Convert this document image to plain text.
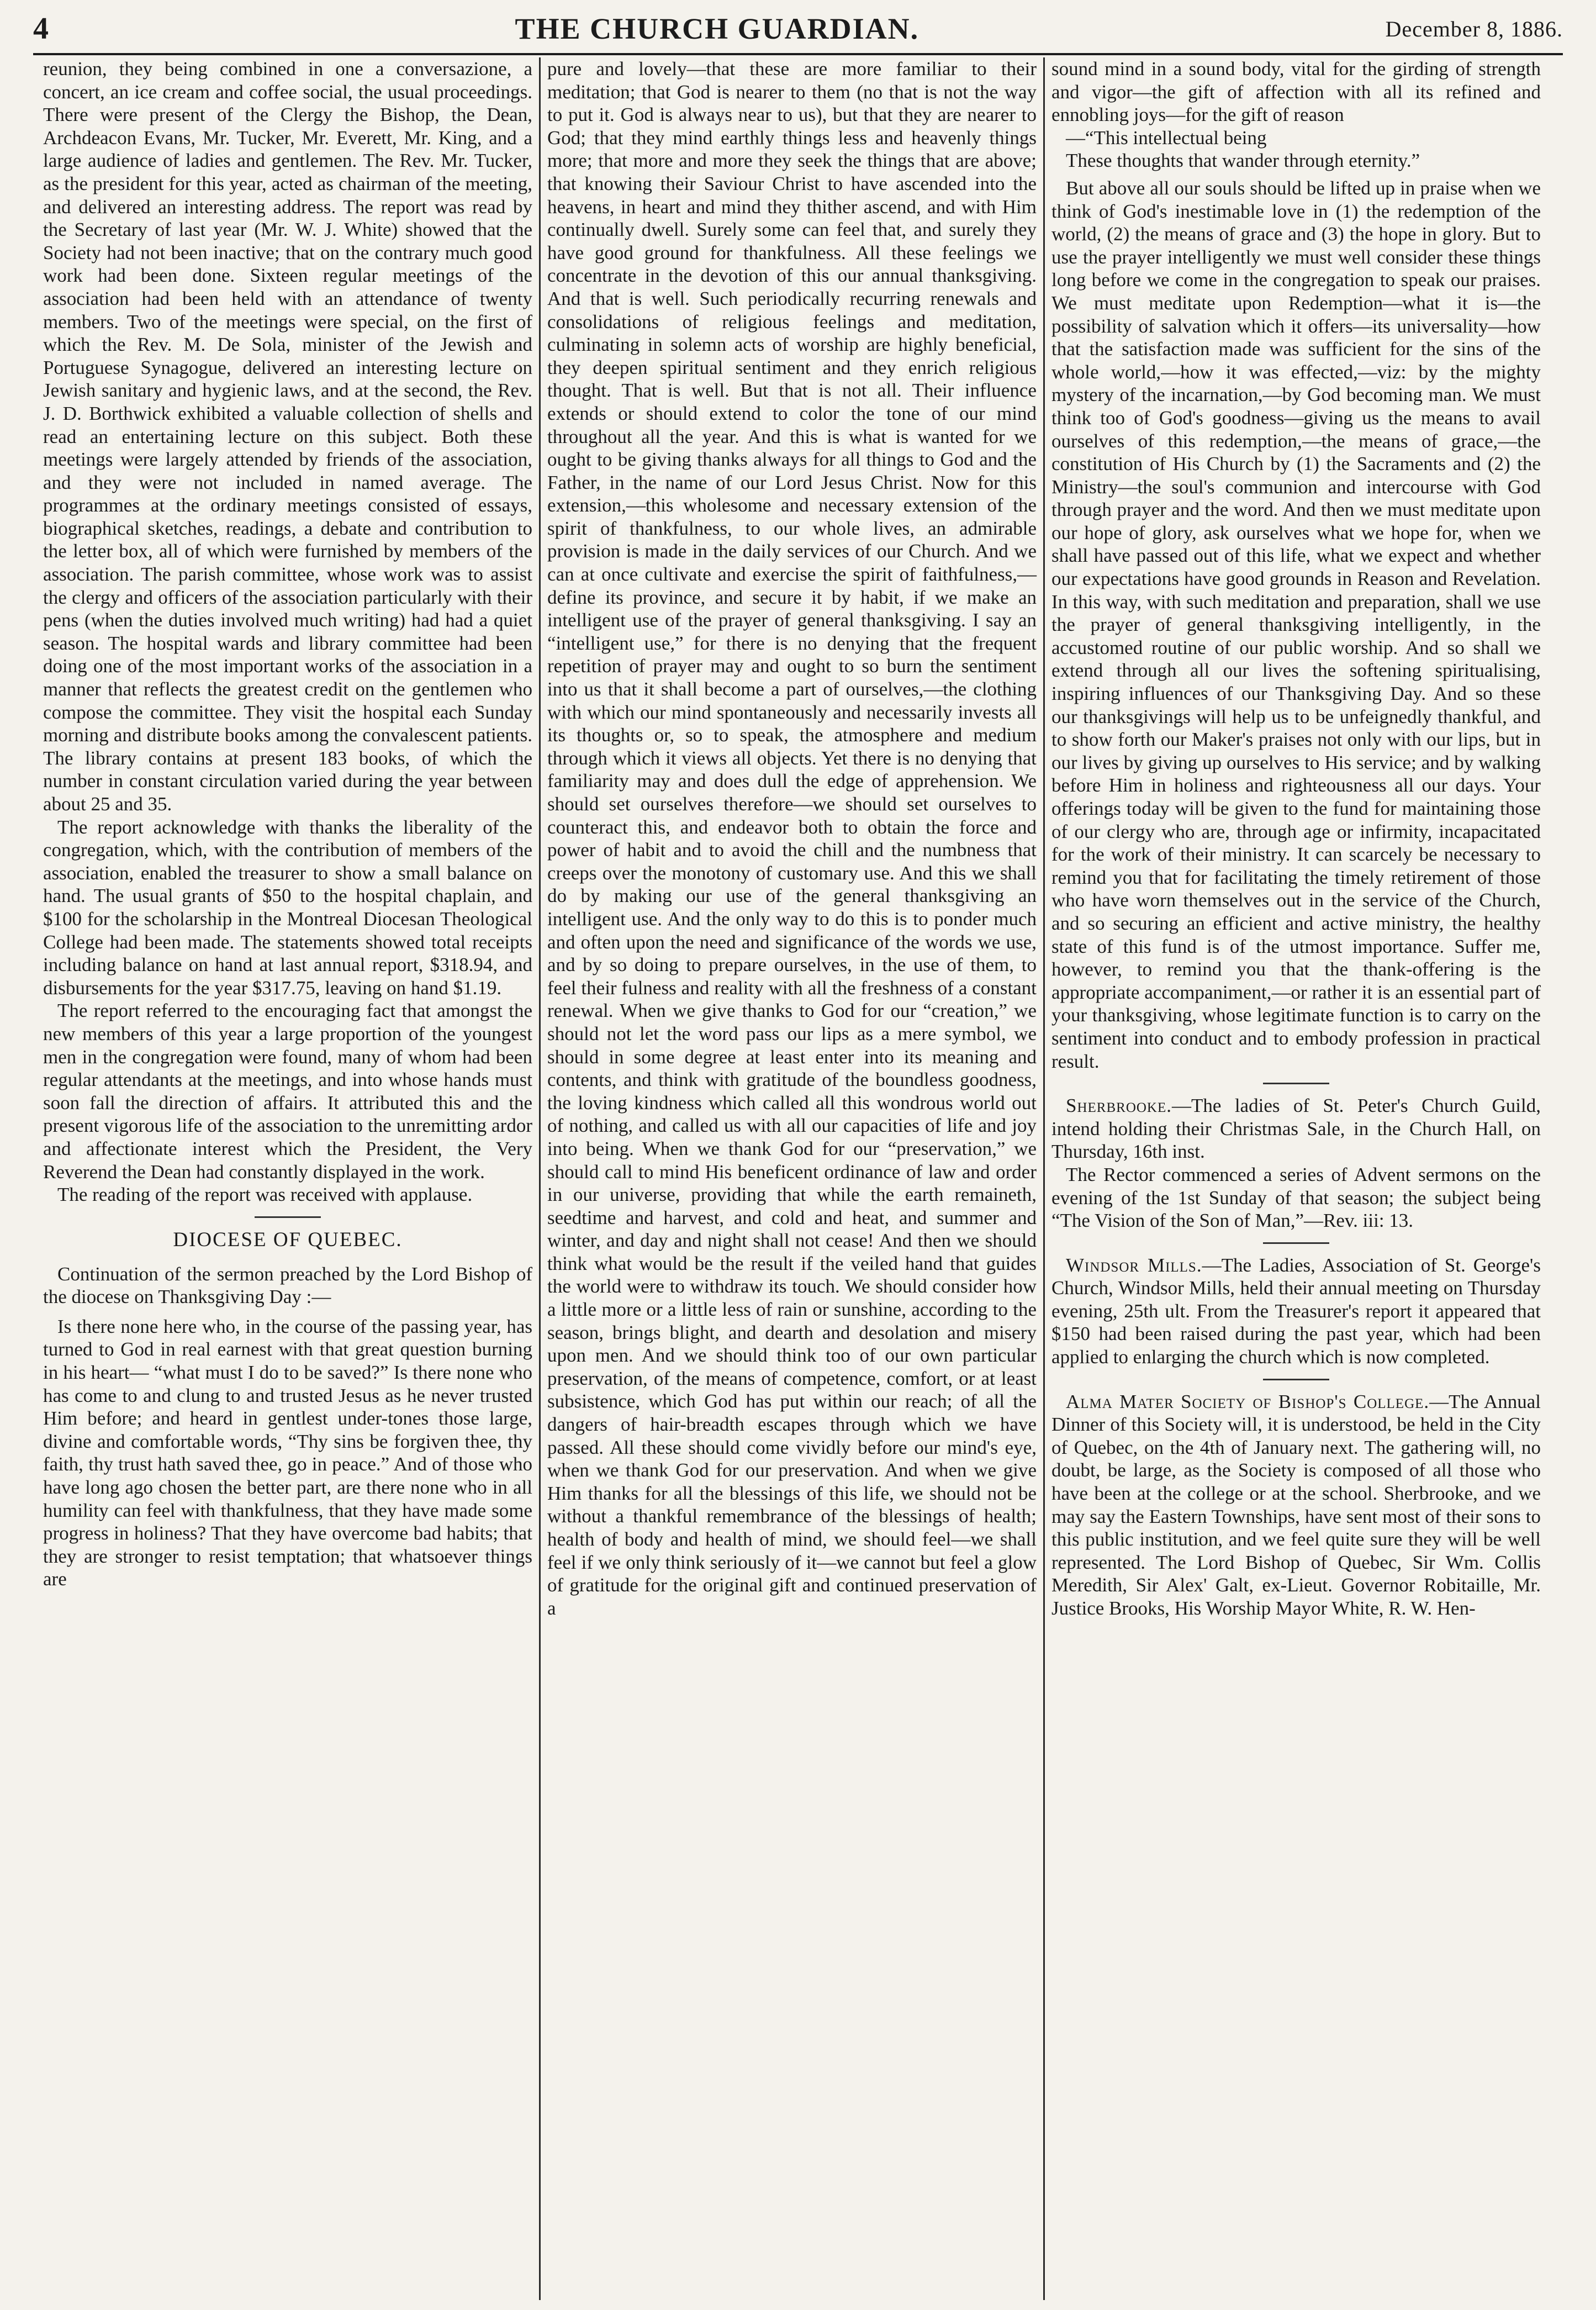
4	THE CHURCH GUARDIAN.	December 8, 1886.

reunion, they being combined in one a conversazione, a concert, an ice cream and coffee social, the usual proceedings. There were present of the Clergy the Bishop, the Dean, Archdeacon Evans, Mr. Tucker, Mr. Everett, Mr. King, and a large audience of ladies and gentlemen. The Rev. Mr. Tucker, as the president for this year, acted as chairman of the meeting, and delivered an interesting address. The report was read by the Secretary of last year (Mr. W. J. White) showed that the Society had not been inactive; that on the contrary much good work had been done. Sixteen regular meetings of the association had been held with an attendance of twenty members. Two of the meetings were special, on the first of which the Rev. M. De Sola, minister of the Jewish and Portuguese Synagogue, delivered an interesting lecture on Jewish sanitary and hygienic laws, and at the second, the Rev. J. D. Borthwick exhibited a valuable collection of shells and read an entertaining lecture on this subject. Both these meetings were largely attended by friends of the association, and they were not included in named average. The programmes at the ordinary meetings consisted of essays, biographical sketches, readings, a debate and contribution to the letter box, all of which were furnished by members of the association. The parish committee, whose work was to assist the clergy and officers of the association particularly with their pens (when the duties involved much writing) had had a quiet season. The hospital wards and library committee had been doing one of the most important works of the association in a manner that reflects the greatest credit on the gentlemen who compose the committee. They visit the hospital each Sunday morning and distribute books among the convalescent patients. The library contains at present 183 books, of which the number in constant circulation varied during the year between about 25 and 35.

The report acknowledge with thanks the liberality of the congregation, which, with the contribution of members of the association, enabled the treasurer to show a small balance on hand. The usual grants of $50 to the hospital chaplain, and $100 for the scholarship in the Montreal Diocesan Theological College had been made. The statements showed total receipts including balance on hand at last annual report, $318.94, and disbursements for the year $317.75, leaving on hand $1.19.

The report referred to the encouraging fact that amongst the new members of this year a large proportion of the youngest men in the congregation were found, many of whom had been regular attendants at the meetings, and into whose hands must soon fall the direction of affairs. It attributed this and the present vigorous life of the association to the unremitting ardor and affectionate interest which the President, the Very Reverend the Dean had constantly displayed in the work.

The reading of the report was received with applause.

DIOCESE OF QUEBEC.

Continuation of the sermon preached by the Lord Bishop of the diocese on Thanksgiving Day :—

Is there none here who, in the course of the passing year, has turned to God in real earnest with that great question burning in his heart— “what must I do to be saved?” Is there none who has come to and clung to and trusted Jesus as he never trusted Him before; and heard in gentlest under-tones those large, divine and comfortable words, “Thy sins be forgiven thee, thy faith, thy trust hath saved thee, go in peace.” And of those who have long ago chosen the better part, are there none who in all humility can feel with thankfulness, that they have made some progress in holiness? That they have overcome bad habits; that they are stronger to resist temptation; that whatsoever things are

pure and lovely—that these are more familiar to their meditation; that God is nearer to them (no that is not the way to put it. God is always near to us), but that they are nearer to God; that they mind earthly things less and heavenly things more; that more and more they seek the things that are above; that knowing their Saviour Christ to have ascended into the heavens, in heart and mind they thither ascend, and with Him continually dwell. Surely some can feel that, and surely they have good ground for thankfulness. All these feelings we concentrate in the devotion of this our annual thanksgiving. And that is well. Such periodically recurring renewals and consolidations of religious feelings and meditation, culminating in solemn acts of worship are highly beneficial, they deepen spiritual sentiment and they enrich religious thought. That is well. But that is not all. Their influence extends or should extend to color the tone of our mind throughout all the year. And this is what is wanted for we ought to be giving thanks always for all things to God and the Father, in the name of our Lord Jesus Christ. Now for this extension,—this wholesome and necessary extension of the spirit of thankfulness, to our whole lives, an admirable provision is made in the daily services of our Church. And we can at once cultivate and exercise the spirit of faithfulness,—define its province, and secure it by habit, if we make an intelligent use of the prayer of general thanksgiving. I say an “intelligent use,” for there is no denying that the frequent repetition of prayer may and ought to so burn the sentiment into us that it shall become a part of ourselves,—the clothing with which our mind spontaneously and necessarily invests all its thoughts or, so to speak, the atmosphere and medium through which it views all objects. Yet there is no denying that familiarity may and does dull the edge of apprehension. We should set ourselves therefore—we should set ourselves to counteract this, and endeavor both to obtain the force and power of habit and to avoid the chill and the numbness that creeps over the monotony of customary use. And this we shall do by making our use of the general thanksgiving an intelligent use. And the only way to do this is to ponder much and often upon the need and significance of the words we use, and by so doing to prepare ourselves, in the use of them, to feel their fulness and reality with all the freshness of a constant renewal. When we give thanks to God for our “creation,” we should not let the word pass our lips as a mere symbol, we should in some degree at least enter into its meaning and contents, and think with gratitude of the boundless goodness, the loving kindness which called all this wondrous world out of nothing, and called us with all our capacities of life and joy into being. When we thank God for our “preservation,” we should call to mind His beneficent ordinance of law and order in our universe, providing that while the earth remaineth, seedtime and harvest, and cold and heat, and summer and winter, and day and night shall not cease! And then we should think what would be the result if the veiled hand that guides the world were to withdraw its touch. We should consider how a little more or a little less of rain or sunshine, according to the season, brings blight, and dearth and desolation and misery upon men. And we should think too of our own particular preservation, of the means of competence, comfort, or at least subsistence, which God has put within our reach; of all the dangers of hair-breadth escapes through which we have passed. All these should come vividly before our mind's eye, when we thank God for our preservation. And when we give Him thanks for all the blessings of this life, we should not be without a thankful remembrance of the blessings of health; health of body and health of mind, we should feel—we shall feel if we only think seriously of it—we cannot but feel a glow of gratitude for the original gift and continued preservation of a

sound mind in a sound body, vital for the girding of strength and vigor—the gift of affection with all its refined and ennobling joys—for the gift of reason

—“This intellectual being

These thoughts that wander through eternity.”

But above all our souls should be lifted up in praise when we think of God's inestimable love in (1) the redemption of the world, (2) the means of grace and (3) the hope in glory. But to use the prayer intelligently we must well consider these things long before we come in the congregation to speak our praises. We must meditate upon Redemption—what it is—the possibility of salvation which it offers—its universality—how that the satisfaction made was sufficient for the sins of the whole world,—how it was effected,—viz: by the mighty mystery of the incarnation,—by God becoming man. We must think too of God's goodness—giving us the means to avail ourselves of this redemption,—the means of grace,—the constitution of His Church by (1) the Sacraments and (2) the Ministry—the soul's communion and intercourse with God through prayer and the word. And then we must meditate upon our hope of glory, ask ourselves what we hope for, when we shall have passed out of this life, what we expect and whether our expectations have good grounds in Reason and Revelation. In this way, with such meditation and preparation, shall we use the prayer of general thanksgiving intelligently, in the accustomed routine of our public worship. And so shall we extend through all our lives the softening spiritualising, inspiring influences of our Thanksgiving Day. And so these our thanksgivings will help us to be unfeignedly thankful, and to show forth our Maker's praises not only with our lips, but in our lives by giving up ourselves to His service; and by walking before Him in holiness and righteousness all our days. Your offerings today will be given to the fund for maintaining those of our clergy who are, through age or infirmity, incapacitated for the work of their ministry. It can scarcely be necessary to remind you that for facilitating the timely retirement of those who have worn themselves out in the service of the Church, and so securing an efficient and active ministry, the healthy state of this fund is of the utmost importance. Suffer me, however, to remind you that the thank-offering is the appropriate accompaniment,—or rather it is an essential part of your thanksgiving, whose legitimate function is to carry on the sentiment into conduct and to embody profession in practical result.

Sherbrooke.—The ladies of St. Peter's Church Guild, intend holding their Christmas Sale, in the Church Hall, on Thursday, 16th inst.

The Rector commenced a series of Advent sermons on the evening of the 1st Sunday of that season; the subject being “The Vision of the Son of Man,”—Rev. iii: 13.

Windsor Mills.—The Ladies, Association of St. George's Church, Windsor Mills, held their annual meeting on Thursday evening, 25th ult. From the Treasurer's report it appeared that $150 had been raised during the past year, which had been applied to enlarging the church which is now completed.

Alma Mater Society of Bishop's College.—The Annual Dinner of this Society will, it is understood, be held in the City of Quebec, on the 4th of January next. The gathering will, no doubt, be large, as the Society is composed of all those who have been at the college or at the school. Sherbrooke, and we may say the Eastern Townships, have sent most of their sons to this public institution, and we feel quite sure they will be well represented. The Lord Bishop of Quebec, Sir Wm. Collis Meredith, Sir Alex' Galt, ex-Lieut. Governor Robitaille, Mr. Justice Brooks, His Worship Mayor White, R. W. Hen-
